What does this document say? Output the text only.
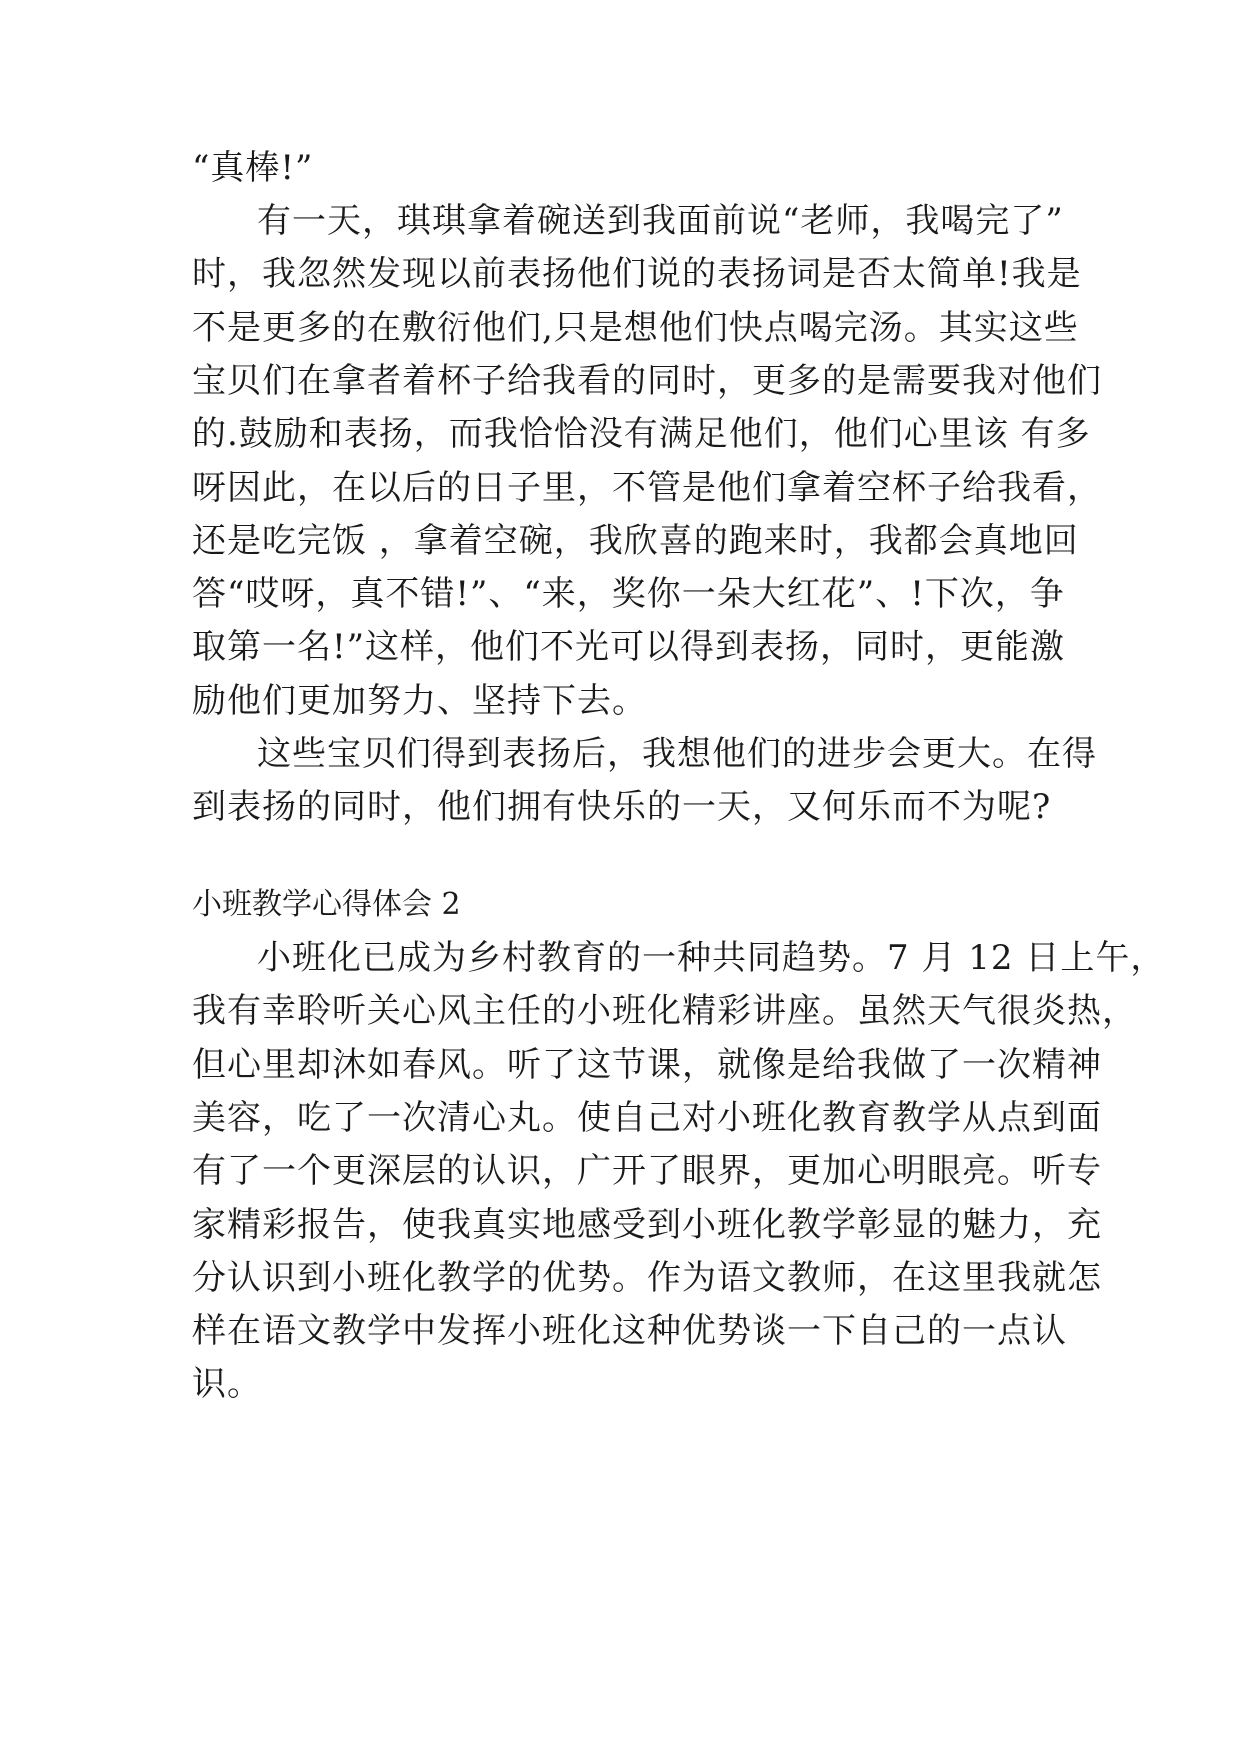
“真棒!”
有一天，琪琪拿着碗送到我面前说“老师，我喝完了”
时，我忽然发现以前表扬他们说的表扬词是否太简单!我是
不是更多的在敷衍他们,只是想他们快点喝完汤。其实这些
宝贝们在拿者着杯子给我看的同时，更多的是需要我对他们
的.鼓励和表扬，而我恰恰没有满足他们，他们心里该 有多
呀因此，在以后的日子里，不管是他们拿着空杯子给我看，
还是吃完饭 ，拿着空碗，我欣喜的跑来时，我都会真地回
答“哎呀，真不错!”、“来，奖你一朵大红花”、!下次，争
取第一名!”这样，他们不光可以得到表扬，同时，更能激
励他们更加努力、坚持下去。
这些宝贝们得到表扬后，我想他们的进步会更大。在得
到表扬的同时，他们拥有快乐的一天，又何乐而不为呢?
小班教学心得体会 2
小班化已成为乡村教育的一种共同趋势。7 月 12 日上午，
我有幸聆听关心风主任的小班化精彩讲座。虽然天气很炎热，
但心里却沐如春风。听了这节课，就像是给我做了一次精神
美容，吃了一次清心丸。使自己对小班化教育教学从点到面
有了一个更深层的认识，广开了眼界，更加心明眼亮。听专
家精彩报告，使我真实地感受到小班化教学彰显的魅力，充
分认识到小班化教学的优势。作为语文教师，在这里我就怎
样在语文教学中发挥小班化这种优势谈一下自己的一点认
识。
